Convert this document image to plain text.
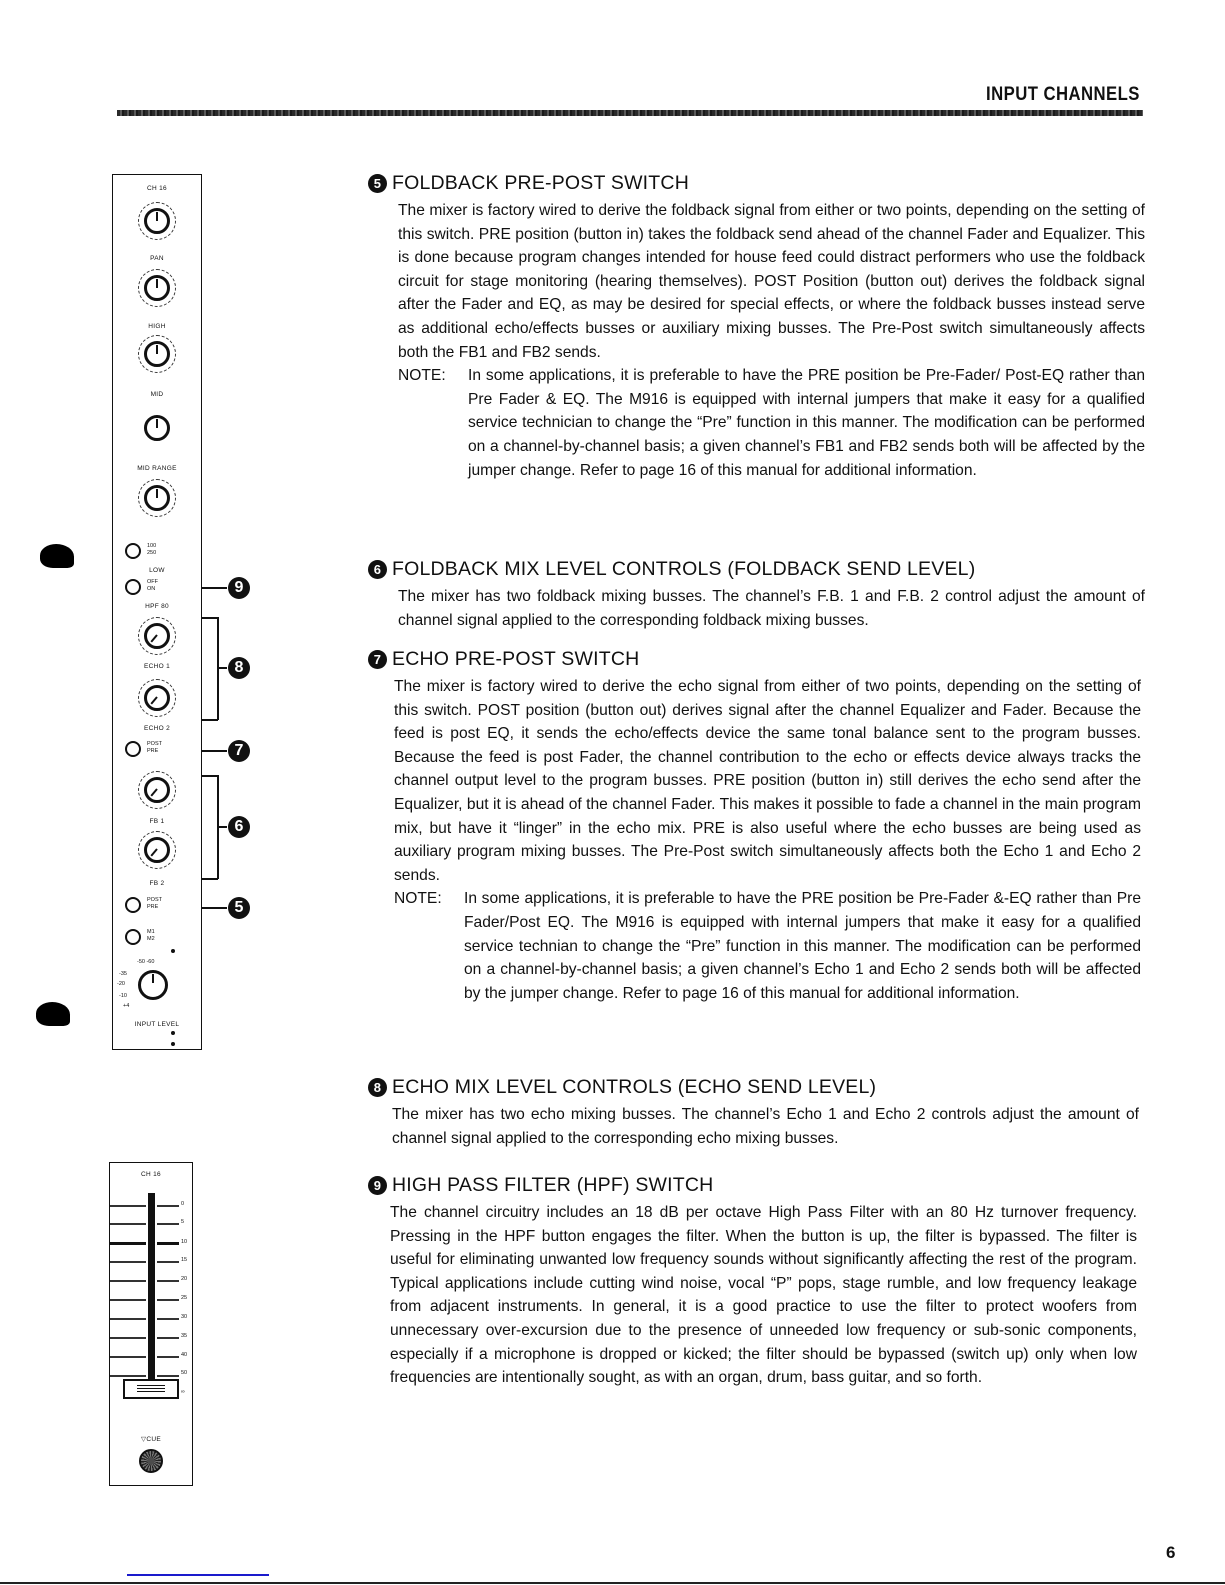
INPUT CHANNELS
CH 16
PAN
HIGH
MID
MID RANGE
100
250
LOW
OFF
ON
HPF 80
ECHO 1
ECHO 2
POST
PRE
FB 1
FB 2
POST
PRE
M1
M2
-50 -60
-35
-20
-10
+4
INPUT LEVEL
9
8
7
6
5
CH 16
0
5
10
15
20
25
30
35
40
50
∞
▽CUE
5 FOLDBACK PRE-POST SWITCH
The mixer is factory wired to derive the foldback signal from either or two points, depending on the setting of this switch. PRE position (button in) takes the foldback send ahead of the channel Fader and Equalizer. This is done because program changes intended for house feed could distract performers who use the foldback circuit for stage monitoring (hearing themselves). POST Position (button out) derives the foldback signal after the Fader and EQ, as may be desired for special effects, or where the foldback busses instead serve as additional echo/effects busses or auxiliary mixing busses. The Pre-Post switch simultaneously affects both the FB1 and FB2 sends.
NOTE:	In some applications, it is preferable to have the PRE position be Pre-Fader/ Post-EQ rather than Pre Fader & EQ. The M916 is equipped with internal jumpers that make it easy for a qualified service technician to change the “Pre” function in this manner. The modification can be performed on a channel-by-channel basis; a given channel’s FB1 and FB2 sends both will be affected by the jumper change. Refer to page 16 of this manual for additional information.
6 FOLDBACK MIX LEVEL CONTROLS (FOLDBACK SEND LEVEL)
The mixer has two foldback mixing busses. The channel’s F.B. 1 and F.B. 2 control adjust the amount of channel signal applied to the corresponding foldback mixing busses.
7 ECHO PRE-POST SWITCH
The mixer is factory wired to derive the echo signal from either of two points, depending on the setting of this switch. POST position (button out) derives signal after the channel Equalizer and Fader. Because the feed is post EQ, it sends the echo/effects device the same tonal balance sent to the program busses. Because the feed is post Fader, the channel contribution to the echo or effects device always tracks the channel output level to the program busses. PRE position (button in) still derives the echo send after the Equalizer, but it is ahead of the channel Fader. This makes it possible to fade a channel in the main program mix, but have it “linger” in the echo mix. PRE is also useful where the echo busses are being used as auxiliary program mixing busses. The Pre-Post switch simultaneously affects both the Echo 1 and Echo 2 sends.
NOTE:	In some applications, it is preferable to have the PRE position be Pre-Fader &-EQ rather than Pre Fader/Post EQ. The M916 is equipped with internal jumpers that make it easy for a qualified service technian to change the “Pre” function in this manner. The modification can be performed on a channel-by-channel basis; a given channel’s Echo 1 and Echo 2 sends both will be affected by the jumper change. Refer to page 16 of this manual for additional information.
8 ECHO MIX LEVEL CONTROLS (ECHO SEND LEVEL)
The mixer has two echo mixing busses. The channel’s Echo 1 and Echo 2 controls adjust the amount of channel signal applied to the corresponding echo mixing busses.
9 HIGH PASS FILTER (HPF) SWITCH
The channel circuitry includes an 18 dB per octave High Pass Filter with an 80 Hz turnover frequency. Pressing in the HPF button engages the filter. When the button is up, the filter is bypassed. The filter is useful for eliminating unwanted low frequency sounds without significantly affecting the rest of the program. Typical applications include cutting wind noise, vocal “P” pops, stage rumble, and low frequency leakage from adjacent instruments. In general, it is a good practice to use the filter to protect woofers from unnecessary over-excursion due to the presence of unneeded low frequency or sub-sonic components, especially if a microphone is dropped or kicked; the filter should be bypassed (switch up) only when low frequencies are intentionally sought, as with an organ, drum, bass guitar, and so forth.
6
